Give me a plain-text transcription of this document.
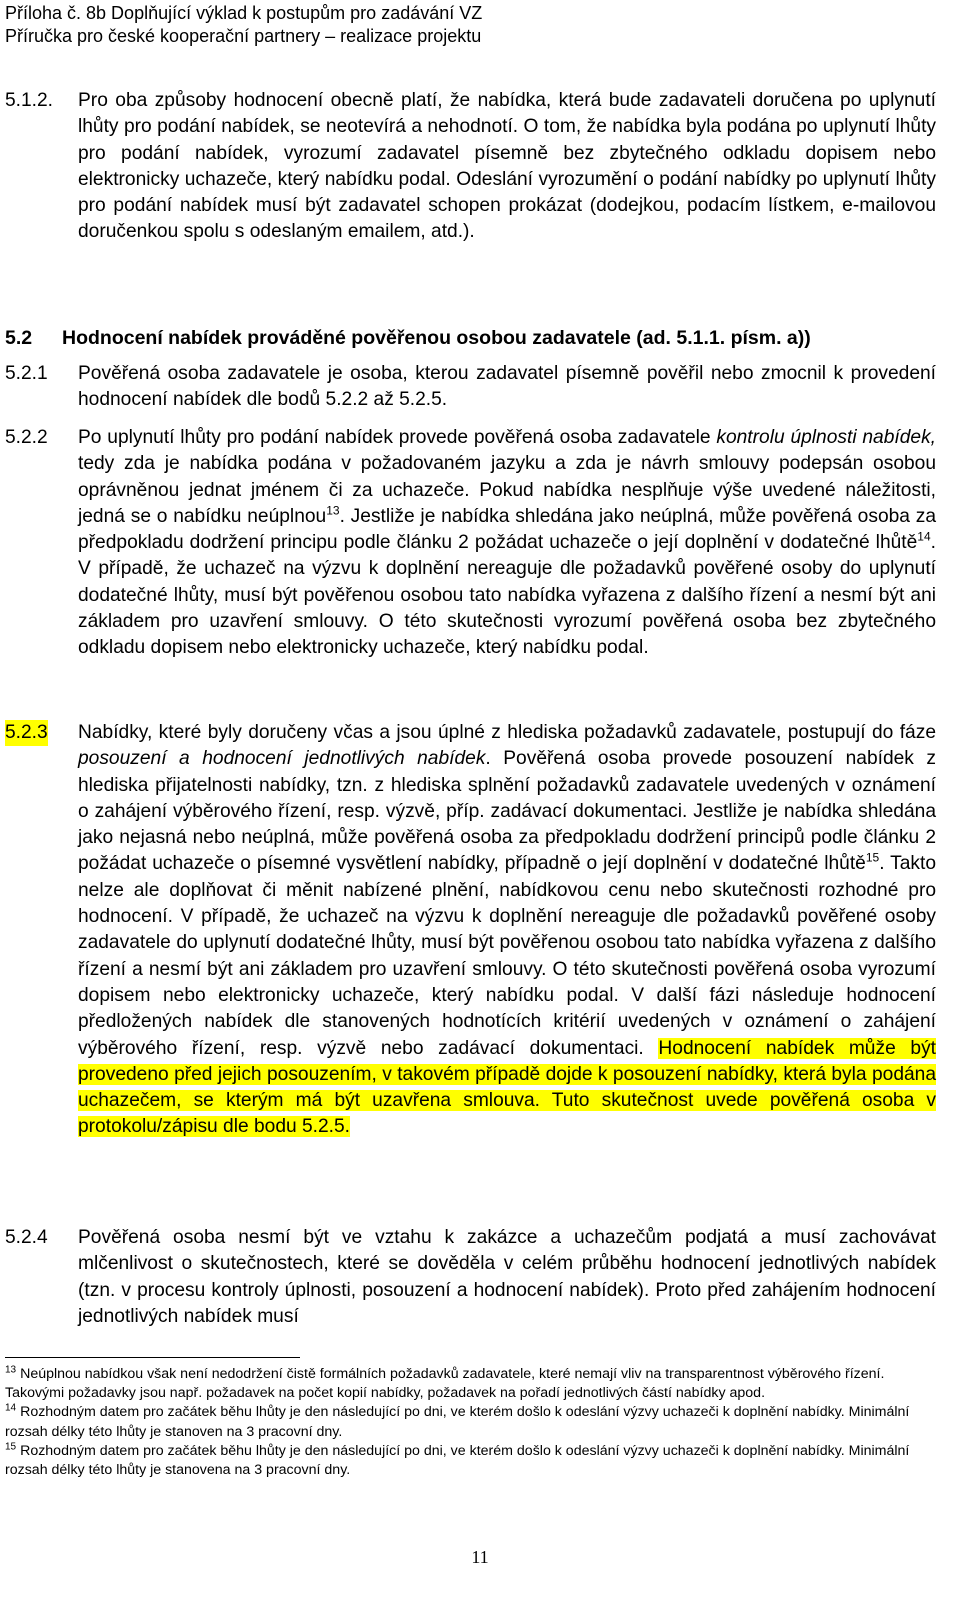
Příloha č. 8b Doplňující výklad k postupům pro zadávání VZ
Příručka pro české kooperační partnery – realizace projektu
5.1.2. Pro oba způsoby hodnocení obecně platí, že nabídka, která bude zadavateli doručena po uplynutí lhůty pro podání nabídek, se neotevírá a nehodnotí. O tom, že nabídka byla podána po uplynutí lhůty pro podání nabídek, vyrozumí zadavatel písemně bez zbytečného odkladu dopisem nebo elektronicky uchazeče, který nabídku podal. Odeslání vyrozumění o podání nabídky po uplynutí lhůty pro podání nabídek musí být zadavatel schopen prokázat (dodejkou, podacím lístkem, e-mailovou doručenkou spolu s odeslaným emailem, atd.).
5.2 Hodnocení nabídek prováděné pověřenou osobou zadavatele (ad. 5.1.1. písm. a))
5.2.1 Pověřená osoba zadavatele je osoba, kterou zadavatel písemně pověřil nebo zmocnil k provedení hodnocení nabídek dle bodů 5.2.2 až 5.2.5.
5.2.2 Po uplynutí lhůty pro podání nabídek provede pověřená osoba zadavatele kontrolu úplnosti nabídek, tedy zda je nabídka podána v požadovaném jazyku a zda je návrh smlouvy podepsán osobou oprávněnou jednat jménem či za uchazeče. Pokud nabídka nesplňuje výše uvedené náležitosti, jedná se o nabídku neúplnou$^{13}$. Jestliže je nabídka shledána jako neúplná, může pověřená osoba za předpokladu dodržení principu podle článku 2 požádat uchazeče o její doplnění v dodatečné lhůtě$^{14}$. V případě, že uchazeč na výzvu k doplnění nereaguje dle požadavků pověřené osoby do uplynutí dodatečné lhůty, musí být pověřenou osobou tato nabídka vyřazena z dalšího řízení a nesmí být ani základem pro uzavření smlouvy. O této skutečnosti vyrozumí pověřená osoba bez zbytečného odkladu dopisem nebo elektronicky uchazeče, který nabídku podal.
5.2.3 Nabídky, které byly doručeny včas a jsou úplné z hlediska požadavků zadavatele, postupují do fáze posouzení a hodnocení jednotlivých nabídek. Pověřená osoba provede posouzení nabídek z hlediska přijatelnosti nabídky, tzn. z hlediska splnění požadavků zadavatele uvedených v oznámení o zahájení výběrového řízení, resp. výzvě, příp. zadávací dokumentaci. Jestliže je nabídka shledána jako nejasná nebo neúplná, může pověřená osoba za předpokladu dodržení principů podle článku 2 požádat uchazeče o písemné vysvětlení nabídky, případně o její doplnění v dodatečné lhůtě$^{15}$. Takto nelze ale doplňovat či měnit nabízené plnění, nabídkovou cenu nebo skutečnosti rozhodné pro hodnocení. V případě, že uchazeč na výzvu k doplnění nereaguje dle požadavků pověřené osoby zadavatele do uplynutí dodatečné lhůty, musí být pověřenou osobou tato nabídka vyřazena z dalšího řízení a nesmí být ani základem pro uzavření smlouvy. O této skutečnosti pověřená osoba vyrozumí dopisem nebo elektronicky uchazeče, který nabídku podal. V další fázi následuje hodnocení předložených nabídek dle stanovených hodnotících kritérií uvedených v oznámení o zahájení výběrového řízení, resp. výzvě nebo zadávací dokumentaci. Hodnocení nabídek může být provedeno před jejich posouzením, v takovém případě dojde k posouzení nabídky, která byla podána uchazečem, se kterým má být uzavřena smlouva. Tuto skutečnost uvede pověřená osoba v protokolu/zápisu dle bodu 5.2.5.
5.2.4 Pověřená osoba nesmí být ve vztahu k zakázce a uchazečům podjatá a musí zachovávat mlčenlivost o skutečnostech, které se dověděla v celém průběhu hodnocení jednotlivých nabídek (tzn. v procesu kontroly úplnosti, posouzení a hodnocení nabídek). Proto před zahájením hodnocení jednotlivých nabídek musí

$^{13}$ Neúplnou nabídkou však není nedodržení čistě formálních požadavků zadavatele, které nemají vliv na transparentnost výběrového řízení. Takovými požadavky jsou např. požadavek na počet kopií nabídky, požadavek na pořadí jednotlivých částí nabídky apod.

$^{14}$ Rozhodným datem pro začátek běhu lhůty je den následující po dni, ve kterém došlo k odeslání výzvy uchazeči k doplnění nabídky. Minimální rozsah délky této lhůty je stanoven na 3 pracovní dny.

$^{15}$ Rozhodným datem pro začátek běhu lhůty je den následující po dni, ve kterém došlo k odeslání výzvy uchazeči k doplnění nabídky. Minimální rozsah délky této lhůty je stanovena na 3 pracovní dny.

11
